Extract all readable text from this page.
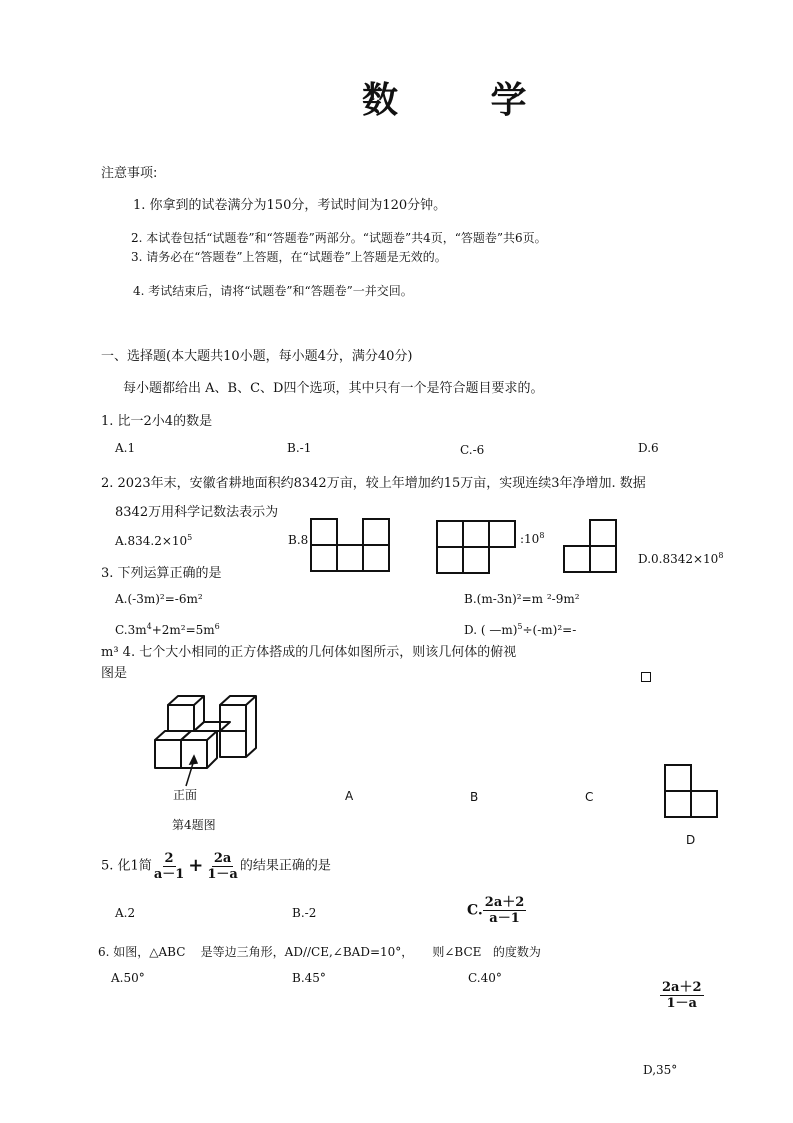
数 学
注意事项:
1. 你拿到的试卷满分为150分，考试时间为120分钟。
2. 本试卷包括“试题卷”和“答题卷”两部分。“试题卷”共4页，“答题卷”共6页。
3. 请务必在“答题卷”上答题，在“试题卷”上答题是无效的。
4. 考试结束后，请将“试题卷”和“答题卷”一并交回。
一、选择题(本大题共10小题，每小题4分，满分40分)
每小题都给出 A、B、C、D四个选项，其中只有一个是符合题目要求的。
1. 比一2小4的数是
A.1	B.-1	C.-6	D.6
2. 2023年末，安徽省耕地面积约8342万亩，较上年增加约15万亩，实现连续3年净增加. 数据
8342万用科学记数法表示为
$A.834.2\times 10^5$	B.8	$:10^8$
$D.0.8342\times 10^8$
3. 下列运算正确的是
A.(-3m)²=-6m²	B.(m-3n)²=m ²-9m²
$C.3m^4+2m^2=5m^6$	D. ( —m)$^5$÷(-m)²=-
m³ 4. 七个大小相同的正方体搭成的几何体如图所示，则该几何体的俯视
图是
正面
第4题图
A	B	C
D
5. 化1简 $\frac{2}{a-1} + \frac{2a}{1-a}$ 的结果正确的是
A.2	B.-2	C. $\frac{2a+2}{a-1}$
$\frac{2a+2}{1-a}$
6. 如图，△ABC 是等边三角形，AD//CE,∠BAD=10°， 则∠BCE 的度数为
A.50°	B.45°	C.40°
D,35°
